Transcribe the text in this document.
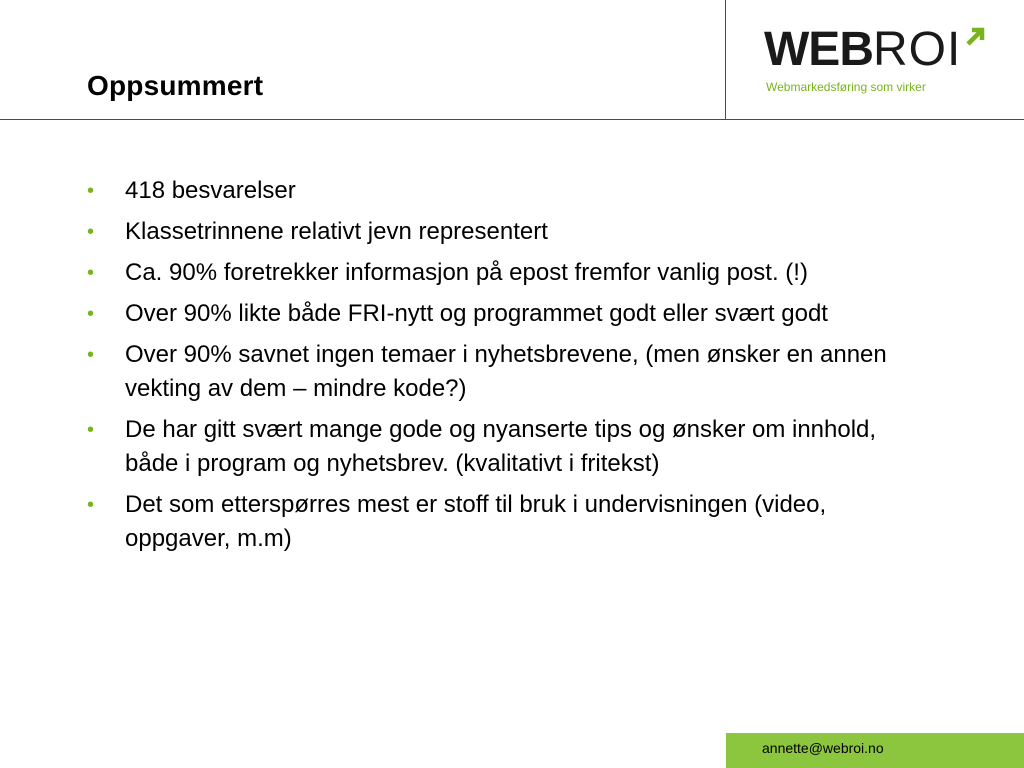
Oppsummert
WEB ROI
Webmarkedsføring som virker
• 418 besvarelser
• Klassetrinnene relativt jevn representert
• Ca. 90% foretrekker informasjon på epost fremfor vanlig post. (!)
• Over 90% likte både FRI-nytt og programmet godt eller svært godt
• Over 90% savnet ingen temaer i nyhetsbrevene, (men ønsker en annen vekting av dem – mindre kode?)
• De har gitt svært mange gode og nyanserte tips og ønsker om innhold, både i program og nyhetsbrev. (kvalitativt i fritekst)
• Det som etterspørres mest er stoff til bruk i undervisningen (video, oppgaver, m.m)
annette@webroi.no
